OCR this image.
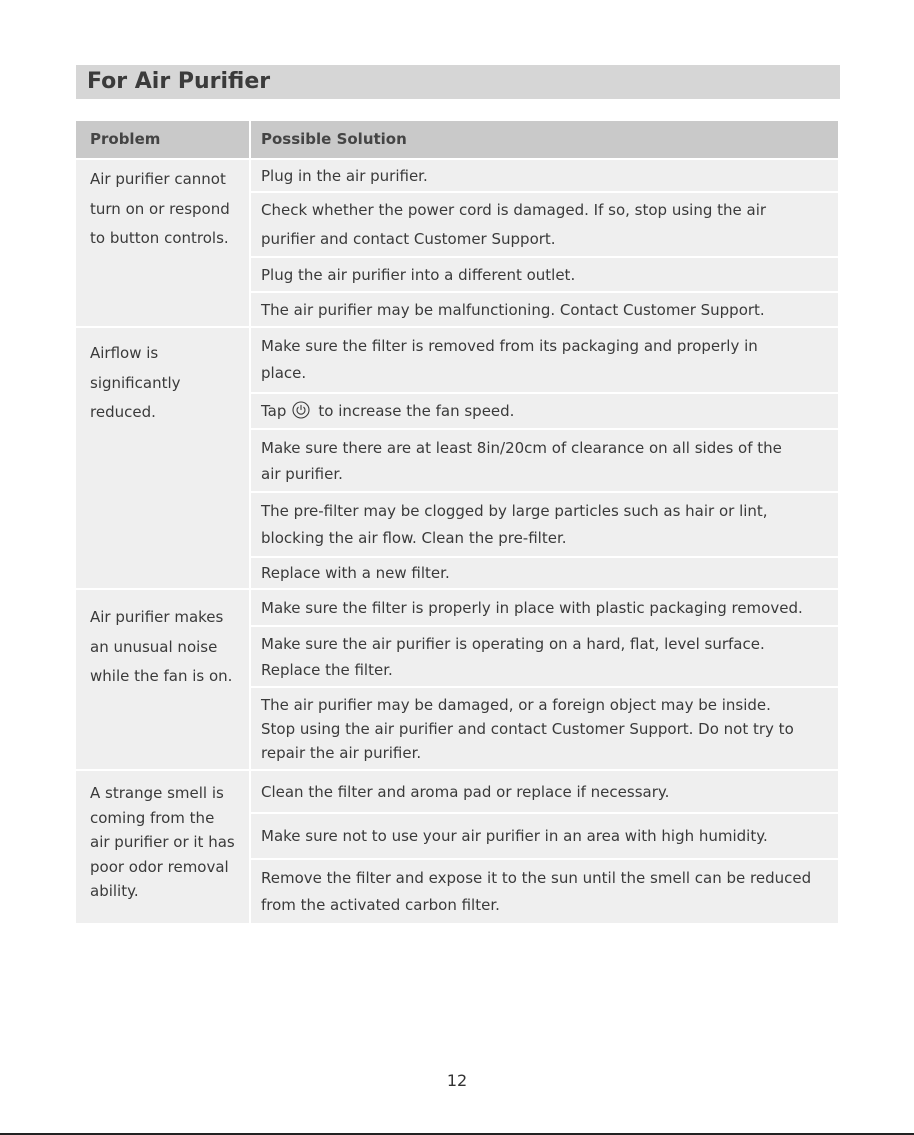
For Air Purifier
Problem	Possible Solution
Air purifier cannot
turn on or respond
to button controls.
Plug in the air purifier.
Check whether the power cord is damaged. If so, stop using the air
purifier and contact Customer Support.
Plug the air purifier into a different outlet.
The air purifier may be malfunctioning. Contact Customer Support.
Airflow is
significantly
reduced.
Make sure the filter is removed from its packaging and properly in
place.
Tap to increase the fan speed.
Make sure there are at least 8in/20cm of clearance on all sides of the
air purifier.
The pre-filter may be clogged by large particles such as hair or lint,
blocking the air flow. Clean the pre-filter.
Replace with a new filter.
Air purifier makes
an unusual noise
while the fan is on.
Make sure the filter is properly in place with plastic packaging removed.
Make sure the air purifier is operating on a hard, flat, level surface.
Replace the filter.
The air purifier may be damaged, or a foreign object may be inside.
Stop using the air purifier and contact Customer Support. Do not try to
repair the air purifier.
A strange smell is
coming from the
air purifier or it has
poor odor removal
ability.
Clean the filter and aroma pad or replace if necessary.
Make sure not to use your air purifier in an area with high humidity.
Remove the filter and expose it to the sun until the smell can be reduced
from the activated carbon filter.
12
